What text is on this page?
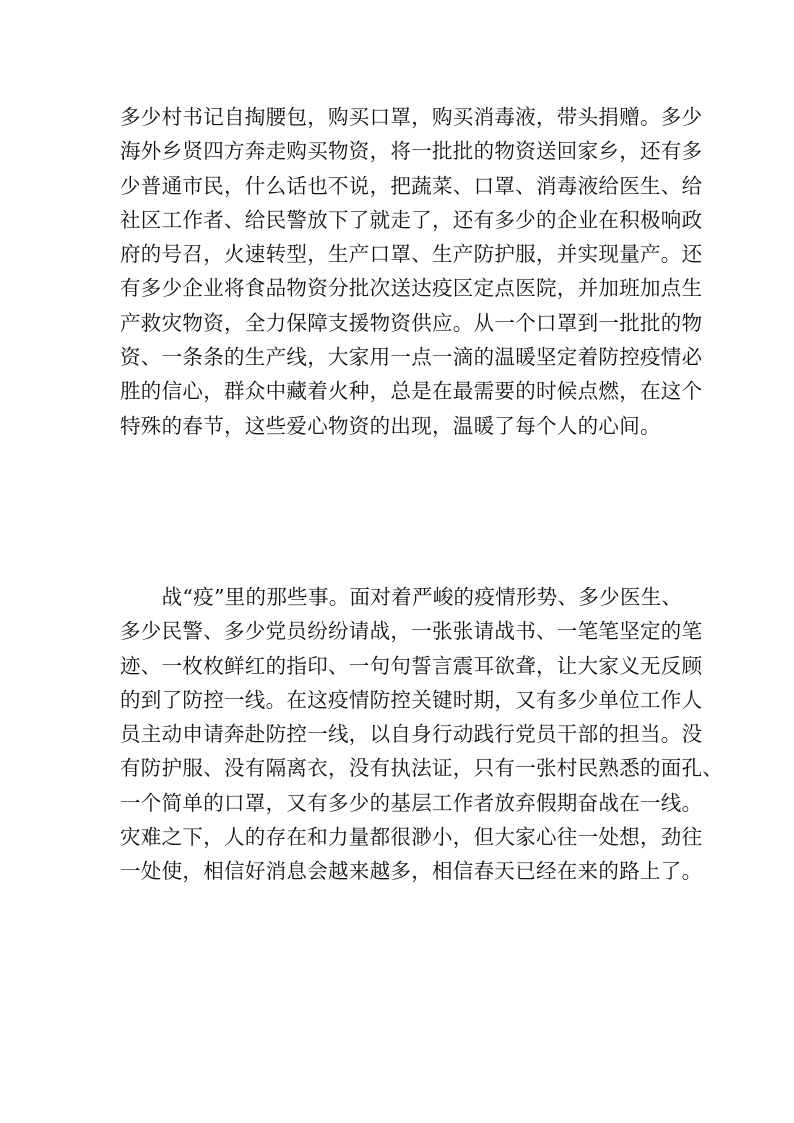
多少村书记自掏腰包，购买口罩，购买消毒液，带头捐赠。多少
海外乡贤四方奔走购买物资，将一批批的物资送回家乡，还有多
少普通市民，什么话也不说，把蔬菜、口罩、消毒液给医生、给
社区工作者、给民警放下了就走了，还有多少的企业在积极响政
府的号召，火速转型，生产口罩、生产防护服，并实现量产。还
有多少企业将食品物资分批次送达疫区定点医院，并加班加点生
产救灾物资，全力保障支援物资供应。从一个口罩到一批批的物
资、一条条的生产线，大家用一点一滴的温暖坚定着防控疫情必
胜的信心，群众中藏着火种，总是在最需要的时候点燃，在这个
特殊的春节，这些爱心物资的出现，温暖了每个人的心间。
　　战“疫”里的那些事。面对着严峻的疫情形势、多少医生、
多少民警、多少党员纷纷请战，一张张请战书、一笔笔坚定的笔
迹、一枚枚鲜红的指印、一句句誓言震耳欲聋，让大家义无反顾
的到了防控一线。在这疫情防控关键时期，又有多少单位工作人
员主动申请奔赴防控一线，以自身行动践行党员干部的担当。没
有防护服、没有隔离衣，没有执法证，只有一张村民熟悉的面孔、
一个简单的口罩，又有多少的基层工作者放弃假期奋战在一线。
灾难之下，人的存在和力量都很渺小，但大家心往一处想，劲往
一处使，相信好消息会越来越多，相信春天已经在来的路上了。
